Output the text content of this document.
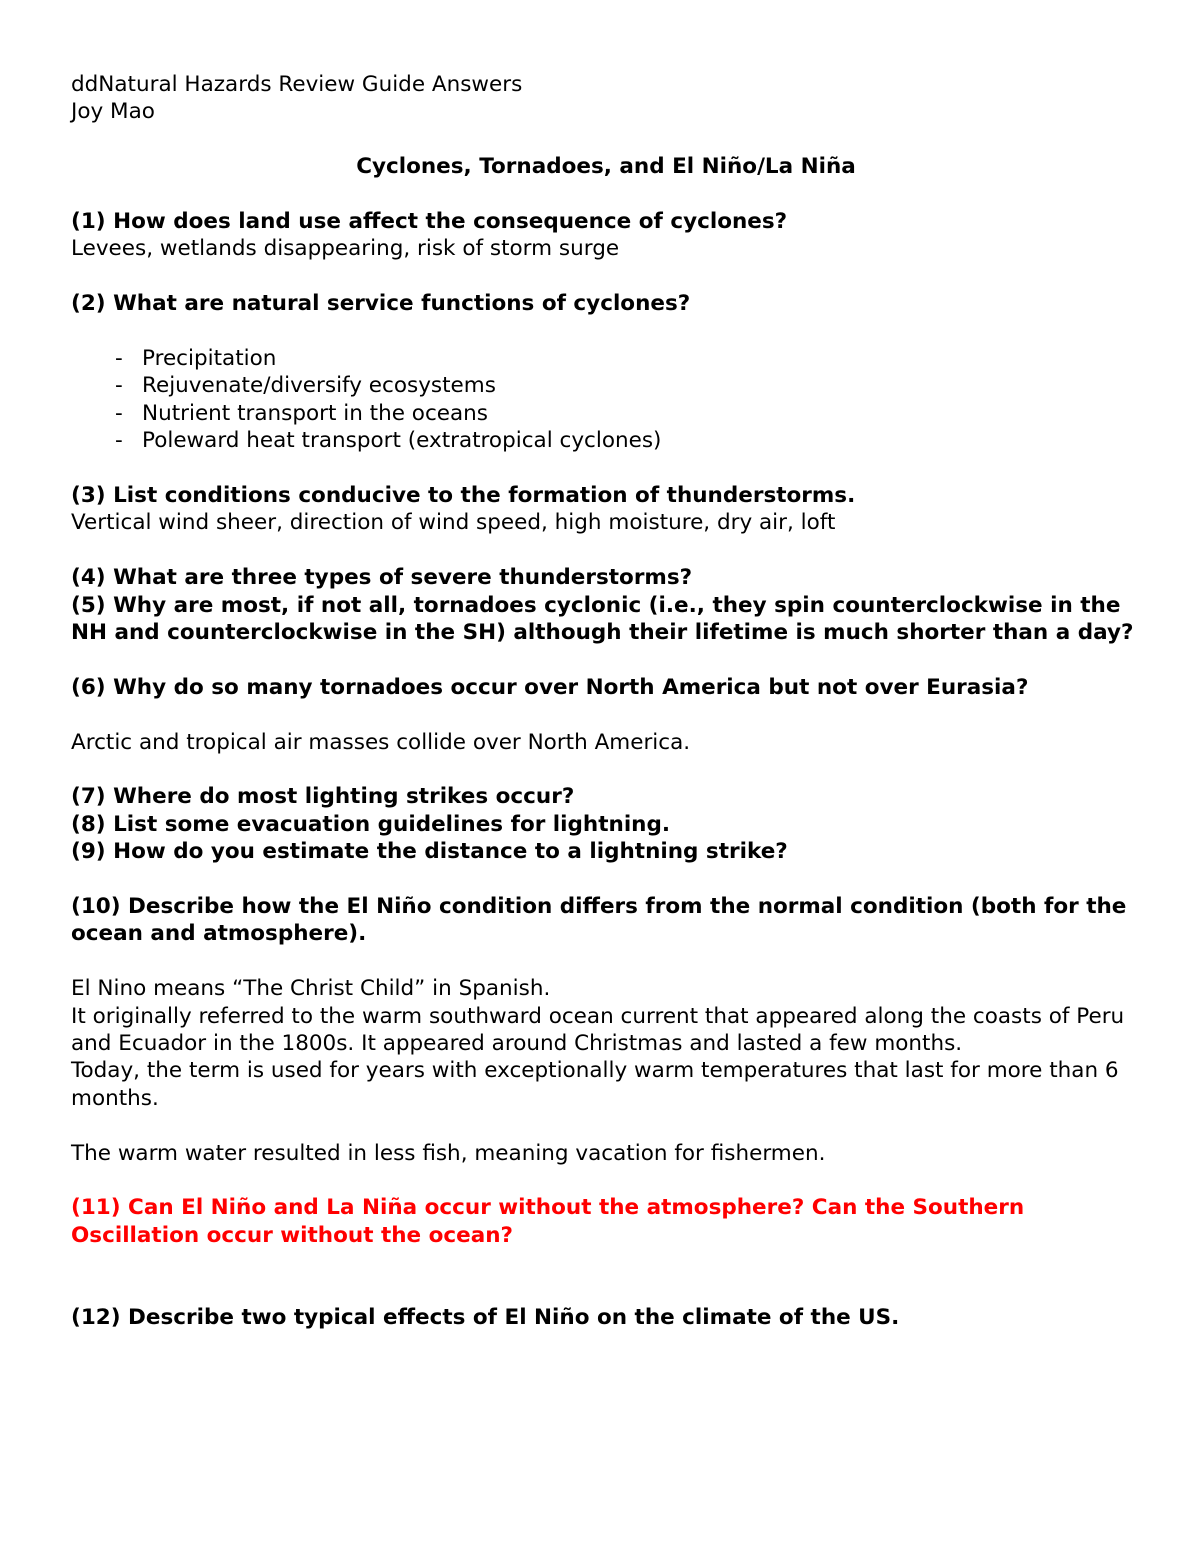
ddNatural Hazards Review Guide Answers

Joy Mao

Cyclones, Tornadoes, and El Niño/La Niña

(1) How does land use affect the consequence of cyclones?

Levees, wetlands disappearing, risk of storm surge

(2) What are natural service functions of cyclones?

- Precipitation
- Rejuvenate/diversify ecosystems
- Nutrient transport in the oceans
- Poleward heat transport (extratropical cyclones)

(3) List conditions conducive to the formation of thunderstorms.

Vertical wind sheer, direction of wind speed, high moisture, dry air, loft

(4) What are three types of severe thunderstorms?

(5) Why are most, if not all, tornadoes cyclonic (i.e., they spin counterclockwise in the

NH and counterclockwise in the SH) although their lifetime is much shorter than a day?

(6) Why do so many tornadoes occur over North America but not over Eurasia?

Arctic and tropical air masses collide over North America.

(7) Where do most lighting strikes occur?

(8) List some evacuation guidelines for lightning.

(9) How do you estimate the distance to a lightning strike?

(10) Describe how the El Niño condition differs from the normal condition (both for the

ocean and atmosphere).

El Nino means “The Christ Child” in Spanish.

It originally referred to the warm southward ocean current that appeared along the coasts of Peru and Ecuador in the 1800s. It appeared around Christmas and lasted a few months.

Today, the term is used for years with exceptionally warm temperatures that last for more than 6 months.

The warm water resulted in less fish, meaning vacation for fishermen.

(11) Can El Niño and La Niña occur without the atmosphere? Can the Southern Oscillation occur without the ocean?

(12) Describe two typical effects of El Niño on the climate of the US.
